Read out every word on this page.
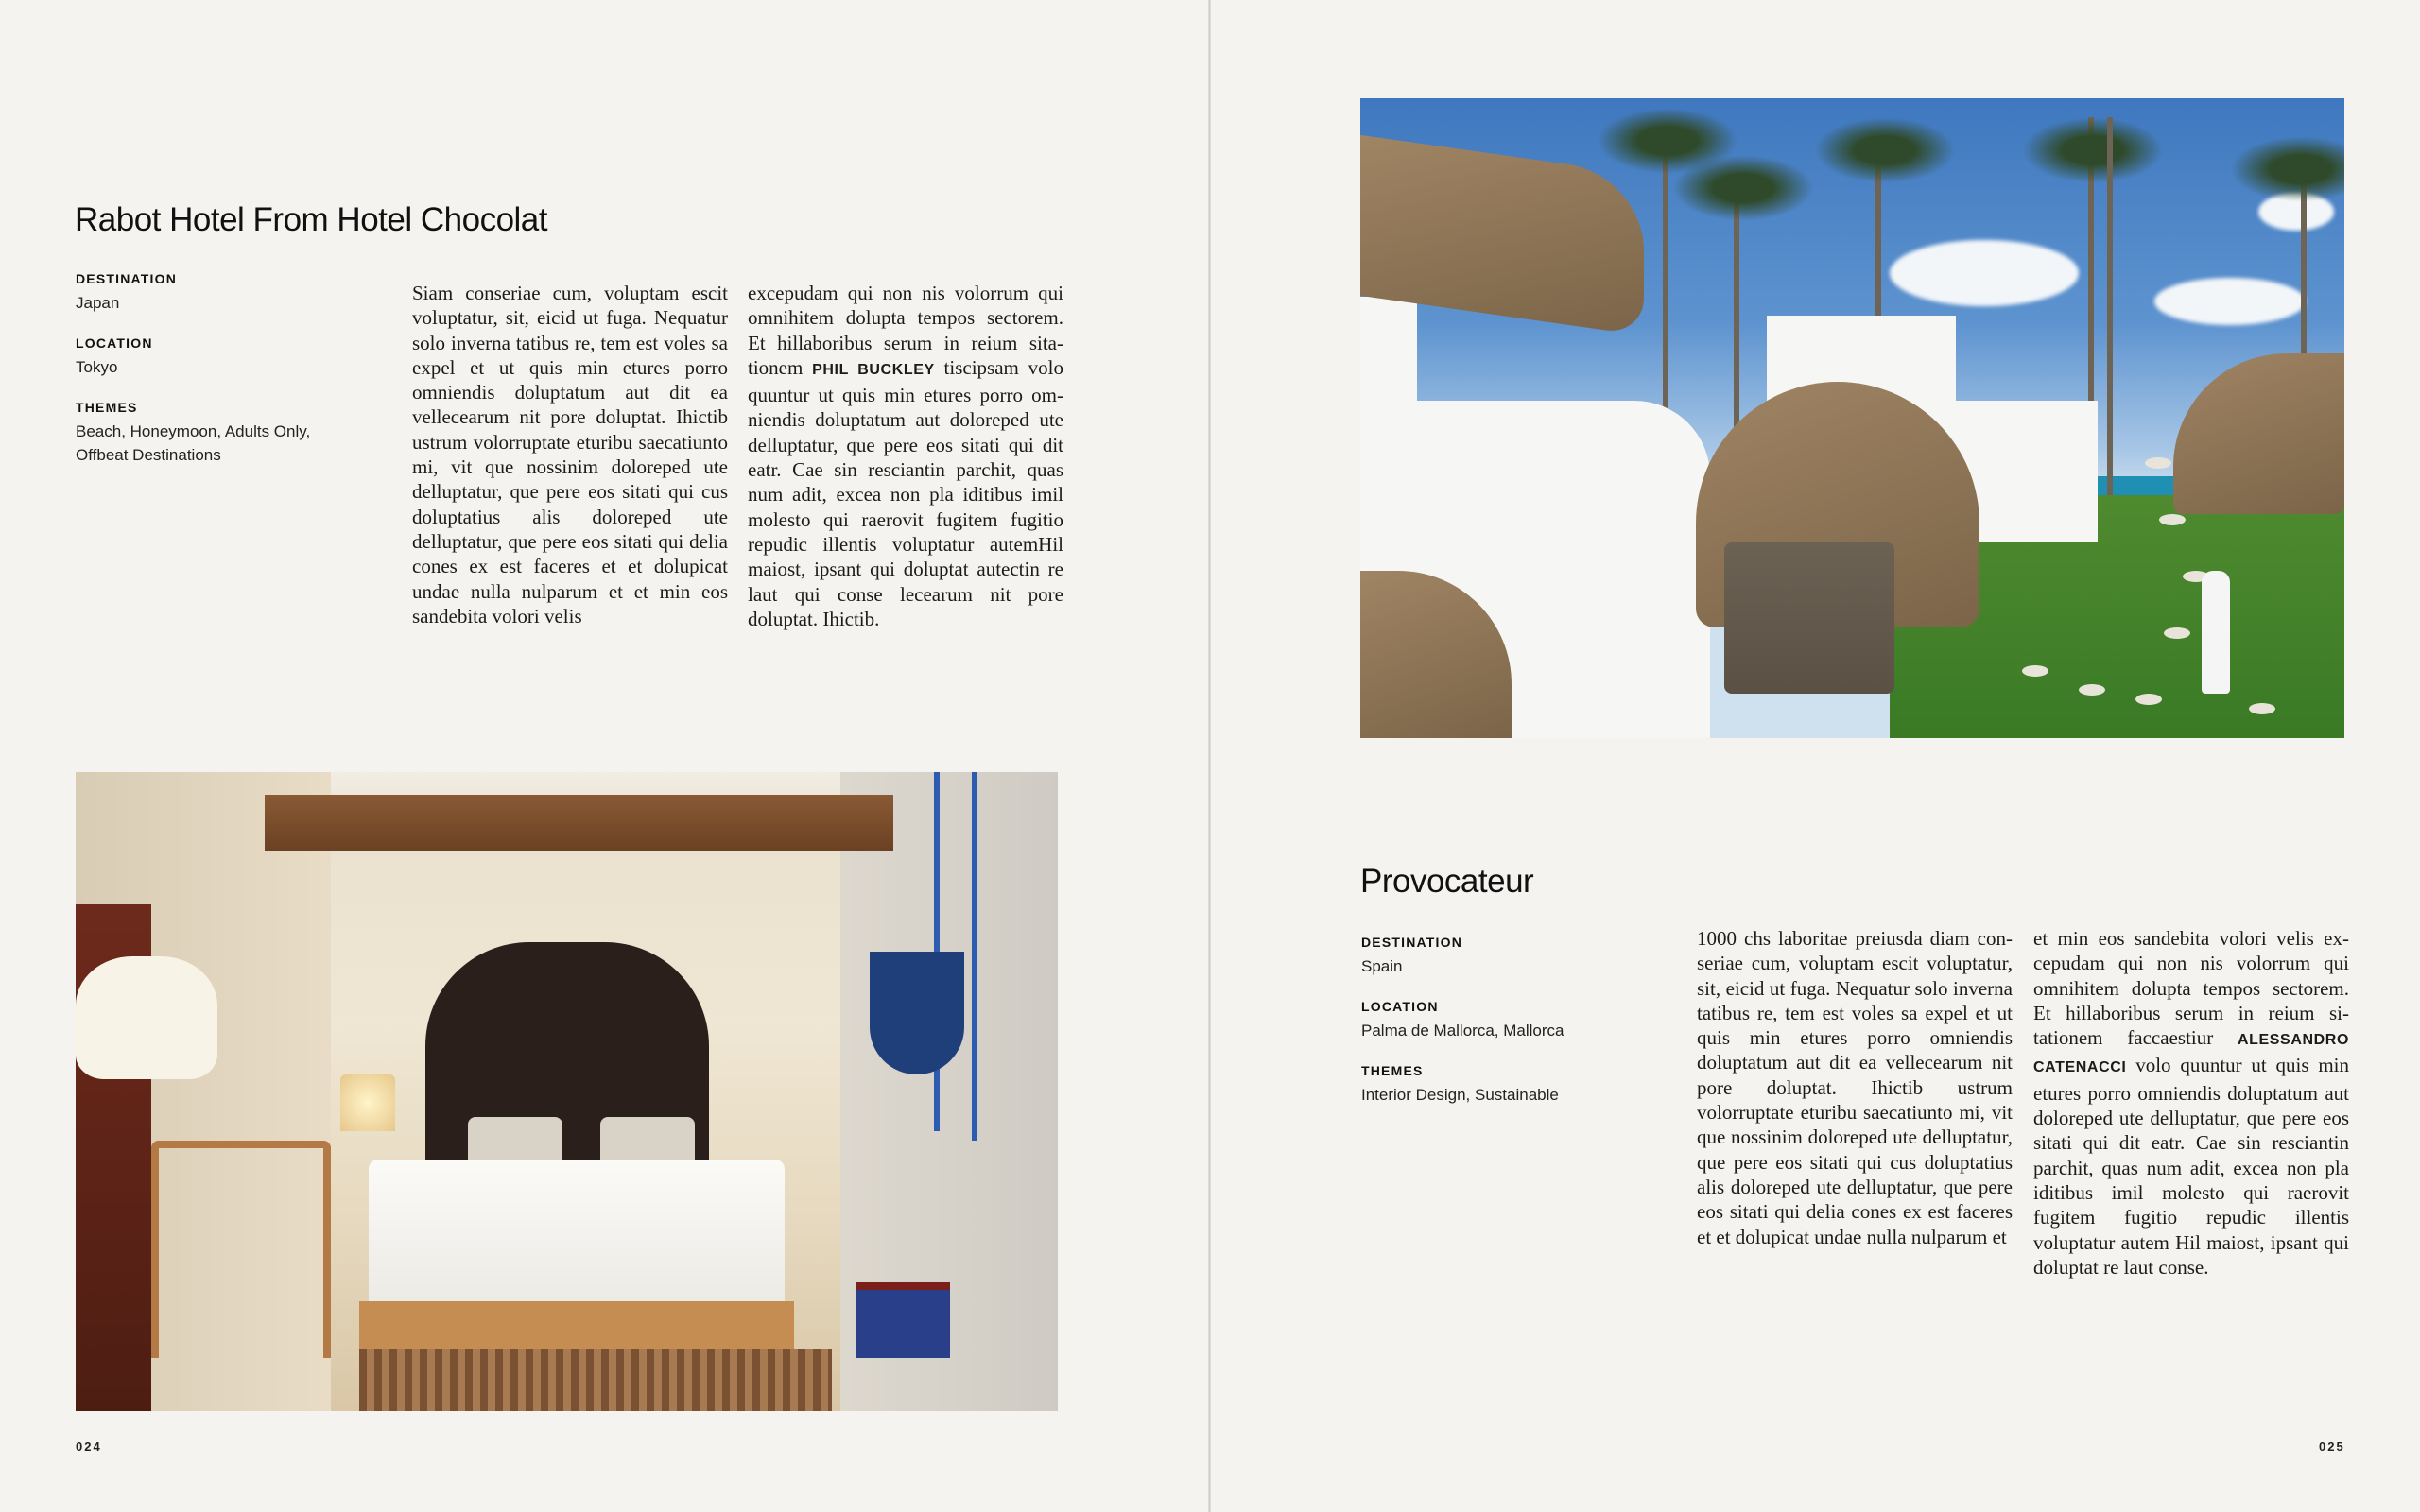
Rabot Hotel From Hotel Chocolat
DESTINATION
Japan
LOCATION
Tokyo
THEMES
Beach, Honeymoon, Adults Only, Offbeat Destinations

Siam conseriae cum, voluptam escit voluptatur, sit, eicid ut fuga. Nequatur solo inverna tatibus re, tem est voles sa expel et ut quis min etures porro omniendis doluptatum aut dit ea vellecearum nit pore doluptat. Ihictib ustrum volorruptate eturibu saecatiunto mi, vit que nossinim doloreped ute delluptatur, que pere eos sitati qui cus doluptatius alis doloreped ute delluptatur, que pere eos sitati qui delia cones ex est faceres et et dolupicat undae nulla nulparum et et min eos sandebita volori velis

excepudam qui non nis volorrum qui omnihitem dolupta tempos sectorem. Et hillaboribus serum in reium sitationem PHIL BUCKLEY tiscipsam volo quuntur ut quis min etures porro omniendis doluptatum aut doloreped ute delluptatur, que pere eos sitati qui dit eatr. Cae sin resciantin parchit, quas num adit, excea non pla iditibus imil molesto qui raerovit fugitem fugitio repudic illentis voluptatur autemHil maiost, ipsant qui doluptat autectin re laut qui conse lecearum nit pore doluptat. Ihictib.

024	025
Provocateur
DESTINATION
Spain
LOCATION
Palma de Mallorca, Mallorca
THEMES
Interior Design, Sustainable

1000 chs laboritae preiusda diam conseriae cum, voluptam escit voluptatur, sit, eicid ut fuga. Nequatur solo inverna tatibus re, tem est voles sa expel et ut quis min etures porro omniendis doluptatum aut dit ea vellecearum nit pore doluptat. Ihictib ustrum volorruptate eturibu saecatiunto mi, vit que nossinim doloreped ute delluptatur, que pere eos sitati qui cus doluptatius alis doloreped ute delluptatur, que pere eos sitati qui delia cones ex est faceres et et dolupicat undae nulla nulparum et

et min eos sandebita volori velis excepudam qui non nis volorrum qui omnihitem dolupta tempos sectorem. Et hillaboribus serum in reium sitationem faccaestiur ALESSANDRO CATENACCI volo quuntur ut quis min etures porro omniendis doluptatum aut doloreped ute delluptatur, que pere eos sitati qui dit eatr. Cae sin resciantin parchit, quas num adit, excea non pla iditibus imil molesto qui raerovit fugitem fugitio repudic illentis voluptatur autem Hil maiost, ipsant qui doluptat re laut conse.
